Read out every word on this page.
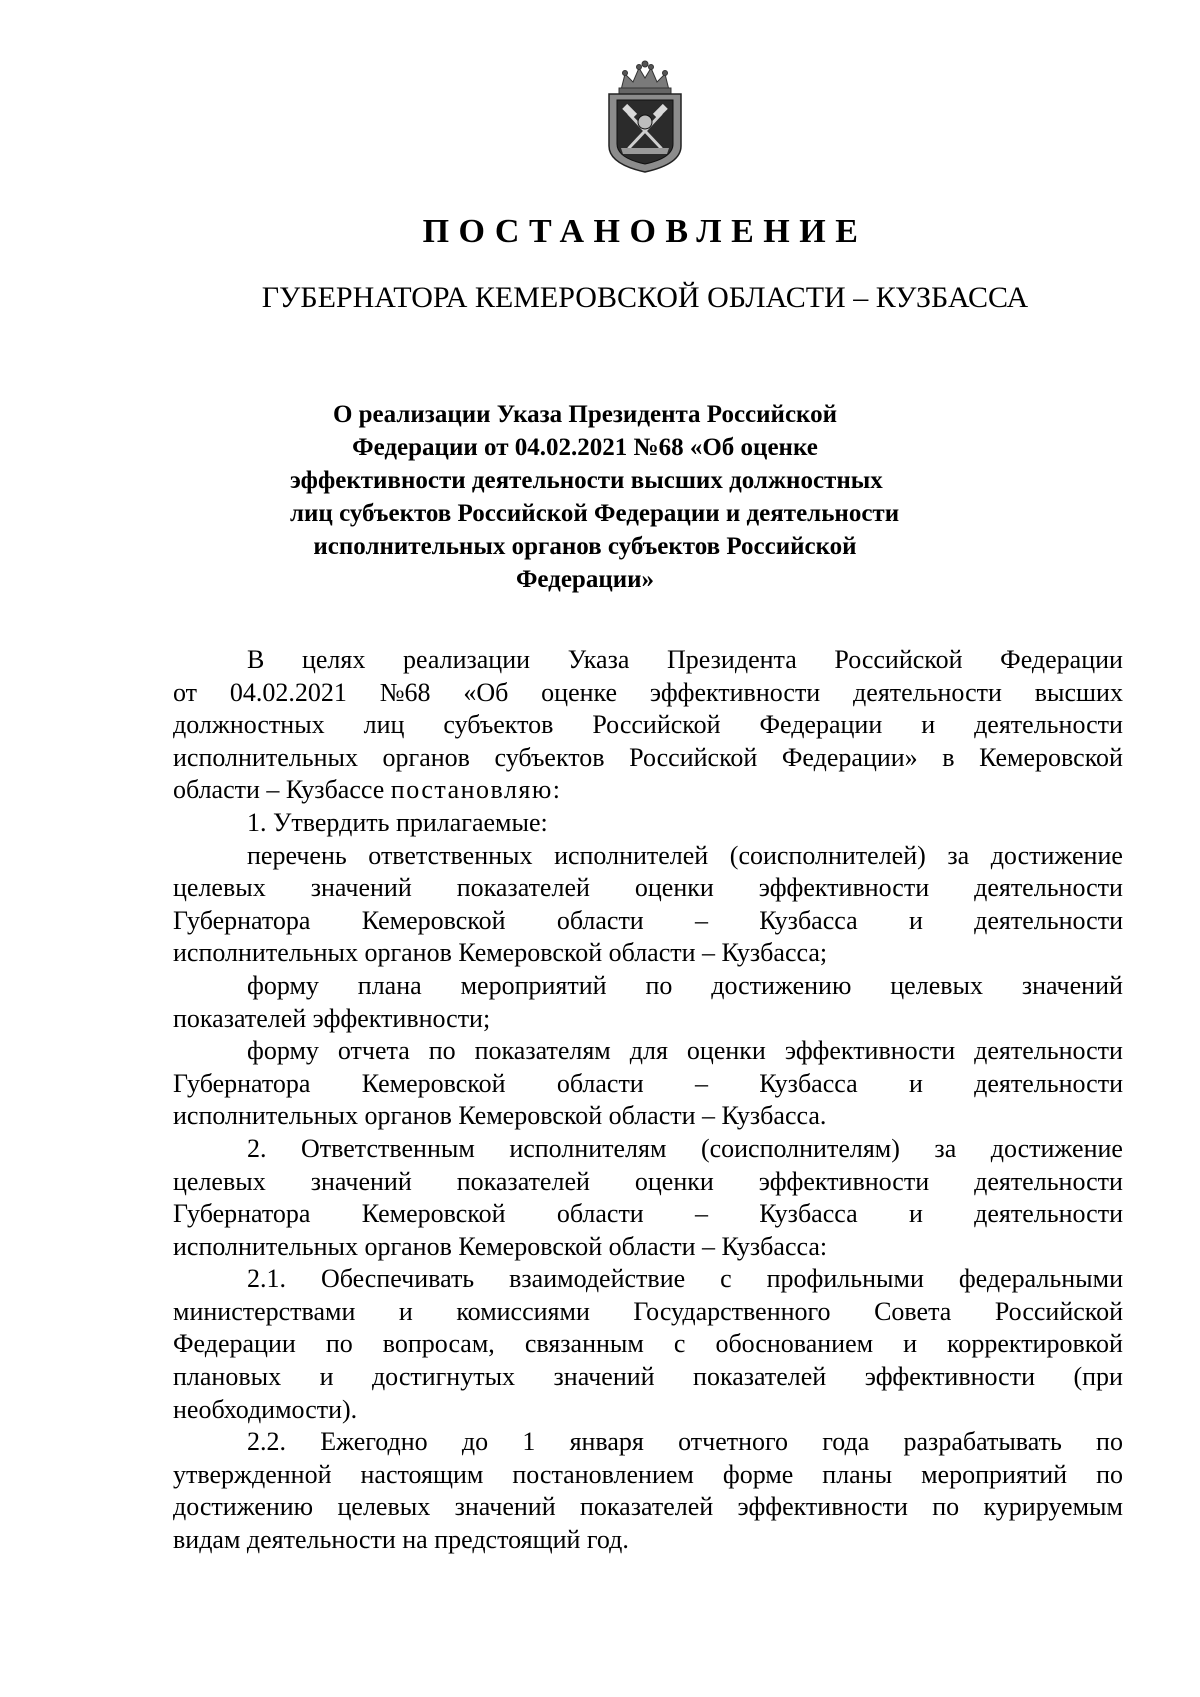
ПОСТАНОВЛЕНИЕ
ГУБЕРНАТОРА КЕМЕРОВСКОЙ ОБЛАСТИ – КУЗБАССА
О реализации Указа Президента Российской
Федерации от 04.02.2021 №68 «Об оценке
эффективности деятельности высших должностных
лиц субъектов Российской Федерации и деятельности
исполнительных органов субъектов Российской
Федерации»
В целях реализации Указа Президента Российской Федерации
от 04.02.2021 №68 «Об оценке эффективности деятельности высших
должностных лиц субъектов Российской Федерации и деятельности
исполнительных органов субъектов Российской Федерации» в Кемеровской
области – Кузбассе постановляю:
1. Утвердить прилагаемые:
перечень ответственных исполнителей (соисполнителей) за достижение
целевых значений показателей оценки эффективности деятельности
Губернатора Кемеровской области – Кузбасса и деятельности
исполнительных органов Кемеровской области – Кузбасса;
форму плана мероприятий по достижению целевых значений
показателей эффективности;
форму отчета по показателям для оценки эффективности деятельности
Губернатора Кемеровской области – Кузбасса и деятельности
исполнительных органов Кемеровской области – Кузбасса.
2. Ответственным исполнителям (соисполнителям) за достижение
целевых значений показателей оценки эффективности деятельности
Губернатора Кемеровской области – Кузбасса и деятельности
исполнительных органов Кемеровской области – Кузбасса:
2.1. Обеспечивать взаимодействие с профильными федеральными
министерствами и комиссиями Государственного Совета Российской
Федерации по вопросам, связанным с обоснованием и корректировкой
плановых и достигнутых значений показателей эффективности (при
необходимости).
2.2. Ежегодно до 1 января отчетного года разрабатывать по
утвержденной настоящим постановлением форме планы мероприятий по
достижению целевых значений показателей эффективности по курируемым
видам деятельности на предстоящий год.
